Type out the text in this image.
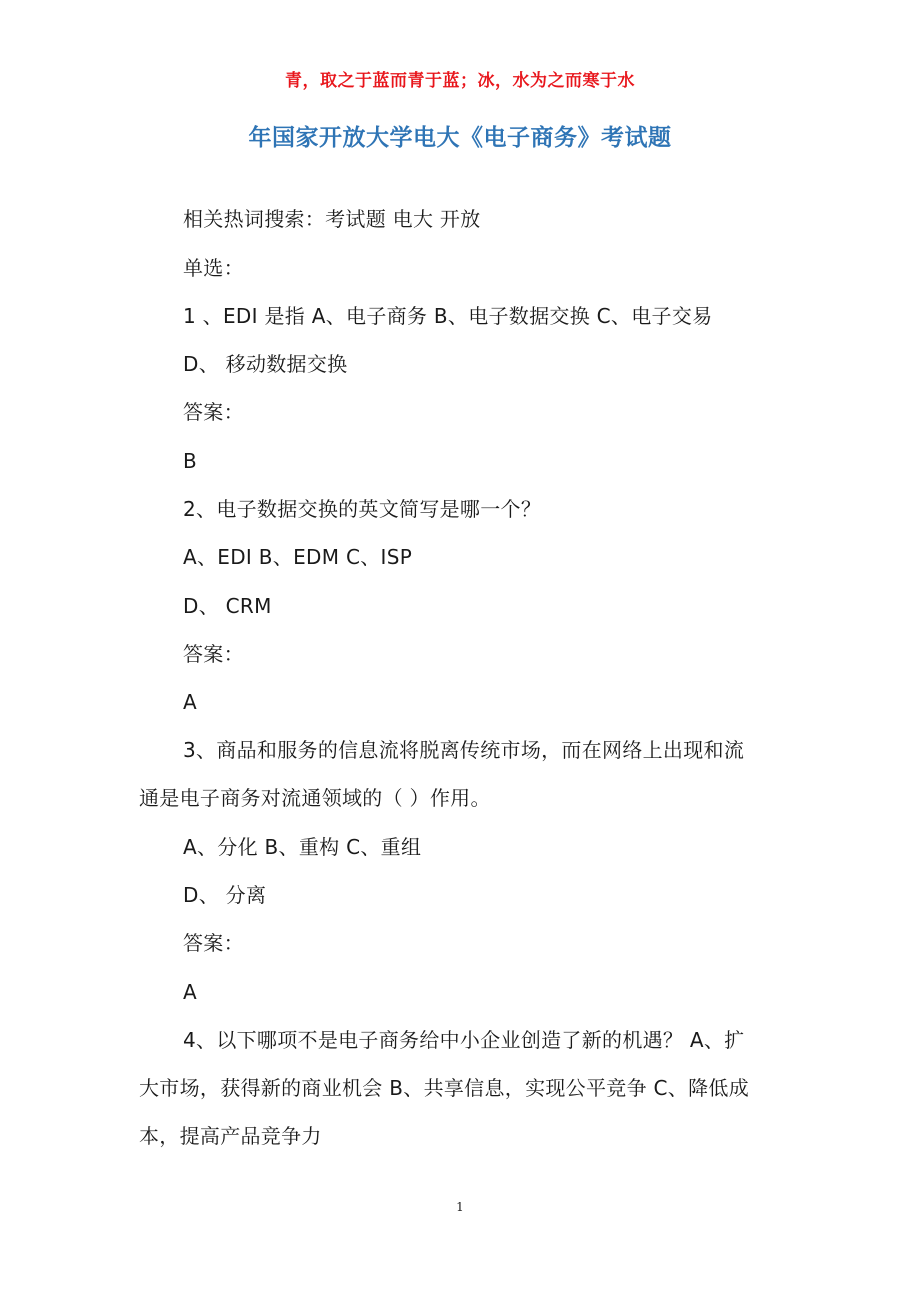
青，取之于蓝而青于蓝；冰，水为之而寒于水
年国家开放大学电大《电子商务》考试题
相关热词搜索：考试题 电大 开放
单选：
1 、EDI 是指 A、电子商务 B、电子数据交换 C、电子交易
D、 移动数据交换
答案：
B
2、电子数据交换的英文简写是哪一个？
A、EDI B、EDM C、ISP
D、 CRM
答案：
A
3、商品和服务的信息流将脱离传统市场，而在网络上出现和流
通是电子商务对流通领域的（ ）作用。
A、分化 B、重构 C、重组
D、 分离
答案：
A
4、以下哪项不是电子商务给中小企业创造了新的机遇？ A、扩
大市场，获得新的商业机会 B、共享信息，实现公平竞争 C、降低成
本，提高产品竞争力
1
